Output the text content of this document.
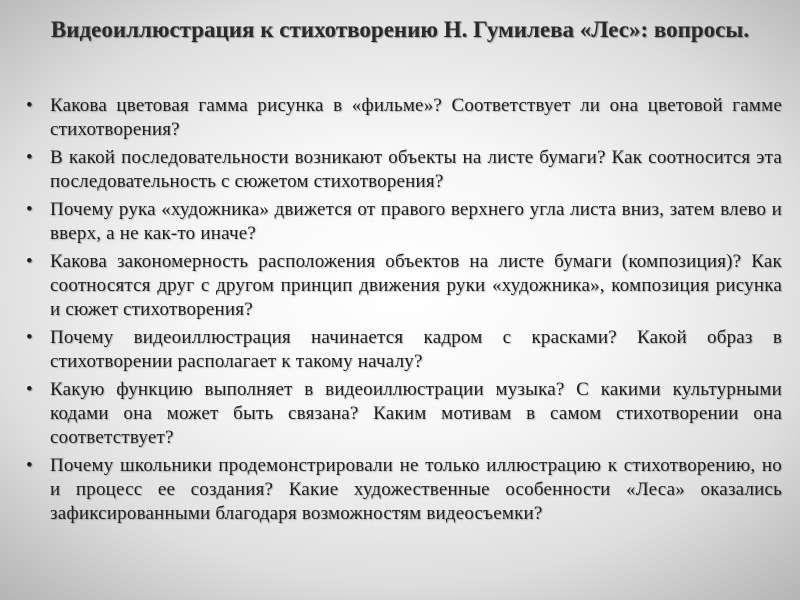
Видеоиллюстрация к стихотворению Н. Гумилева «Лес»: вопросы.
• Какова цветовая гамма рисунка в «фильме»? Соответствует ли она цветовой гамме стихотворения?
• В какой последовательности возникают объекты на листе бумаги? Как соотносится эта последовательность с сюжетом стихотворения?
• Почему рука «художника» движется от правого верхнего угла листа вниз, затем влево и вверх, а не как-то иначе?
• Какова закономерность расположения объектов на листе бумаги (композиция)? Как соотносятся друг с другом принцип движения руки «художника», композиция рисунка и сюжет стихотворения?
• Почему видеоиллюстрация начинается кадром с красками? Какой образ в стихотворении располагает к такому началу?
• Какую функцию выполняет в видеоиллюстрации музыка? С какими культурными кодами она может быть связана? Каким мотивам в самом стихотворении она соответствует?
• Почему школьники продемонстрировали не только иллюстрацию к стихотворению, но и процесс ее создания? Какие художественные особенности «Леса» оказались зафиксированными благодаря возможностям видеосъемки?
